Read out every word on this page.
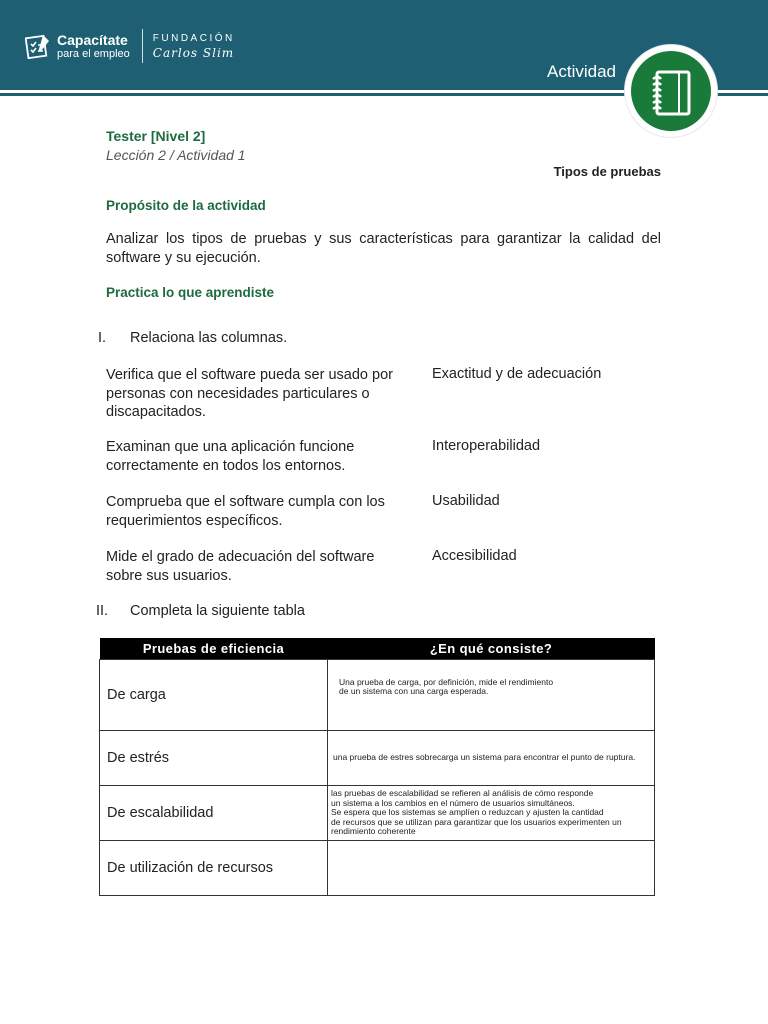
Capacítate
para el empleo
FUNDACIÓN
Carlos Slim
Actividad
Tester [Nivel 2]
Lección 2 / Actividad 1
Tipos de pruebas
Propósito de la actividad
Analizar los tipos de pruebas y sus características para garantizar la calidad del software y su ejecución.
Practica lo que aprendiste
I. Relaciona las columnas.
Verifica que el software pueda ser usado por personas con necesidades particulares o discapacitados.
Exactitud y de adecuación
Examinan que una aplicación funcione correctamente en todos los entornos.
Interoperabilidad
Comprueba que el software cumpla con los requerimientos específicos.
Usabilidad
Mide el grado de adecuación del software sobre sus usuarios.
Accesibilidad
II. Completa la siguiente tabla
Pruebas de eficiencia	¿En qué consiste?
De carga	Una prueba de carga, por definición, mide el rendimiento
de un sistema con una carga esperada.
De estrés	una prueba de estres sobrecarga un sistema para encontrar el punto de ruptura.
De escalabilidad	las pruebas de escalabilidad se refieren al análisis de cómo responde
un sistema a los cambios en el número de usuarios simultáneos.
Se espera que los sistemas se amplíen o reduzcan y ajusten la cantidad
de recursos que se utilizan para garantizar que los usuarios experimenten un
rendimiento coherente
De utilización de recursos	
